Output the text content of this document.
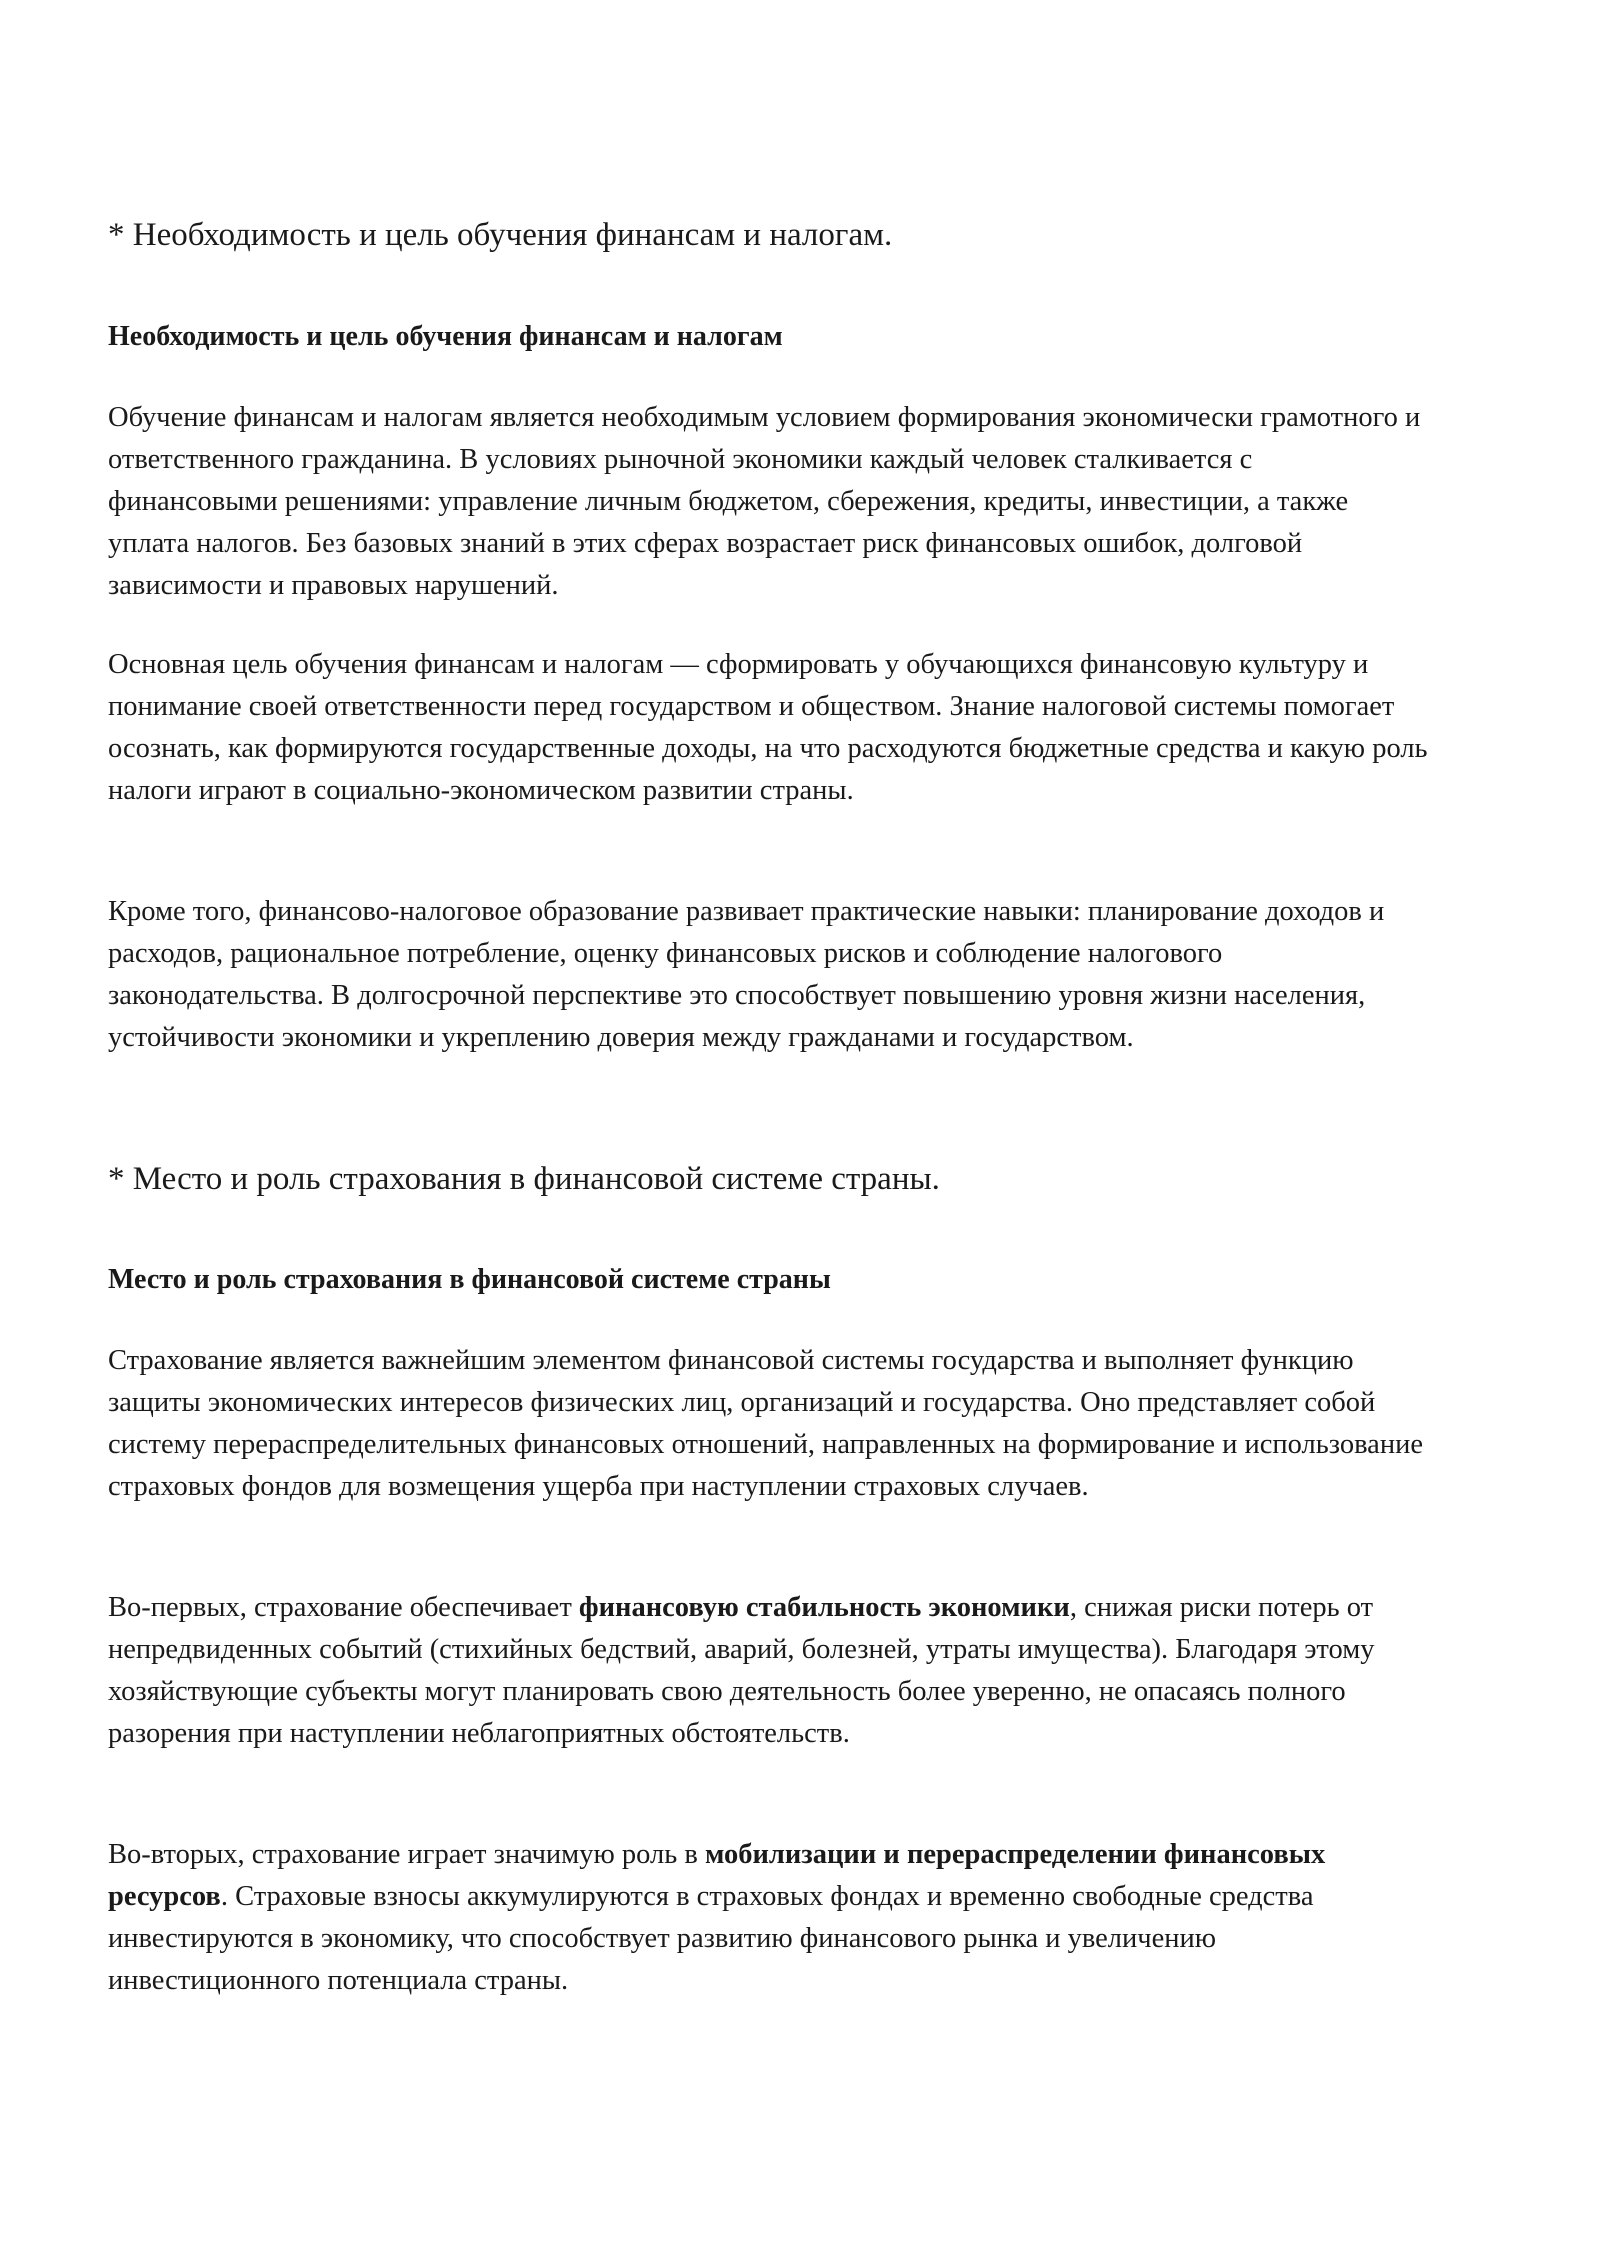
* Необходимость и цель обучения финансам и налогам.
Необходимость и цель обучения финансам и налогам

Обучение финансам и налогам является необходимым условием формирования экономически грамотного и ответственного гражданина. В условиях рыночной экономики каждый человек сталкивается с финансовыми решениями: управление личным бюджетом, сбережения, кредиты, инвестиции, а также уплата налогов. Без базовых знаний в этих сферах возрастает риск финансовых ошибок, долговой зависимости и правовых нарушений.

Основная цель обучения финансам и налогам — сформировать у обучающихся финансовую культуру и понимание своей ответственности перед государством и обществом. Знание налоговой системы помогает осознать, как формируются государственные доходы, на что расходуются бюджетные средства и какую роль налоги играют в социально-экономическом развитии страны.

Кроме того, финансово-налоговое образование развивает практические навыки: планирование доходов и расходов, рациональное потребление, оценку финансовых рисков и соблюдение налогового законодательства. В долгосрочной перспективе это способствует повышению уровня жизни населения, устойчивости экономики и укреплению доверия между гражданами и государством.

* Место и роль страхования в финансовой системе страны.
Место и роль страхования в финансовой системе страны

Страхование является важнейшим элементом финансовой системы государства и выполняет функцию защиты экономических интересов физических лиц, организаций и государства. Оно представляет собой систему перераспределительных финансовых отношений, направленных на формирование и использование страховых фондов для возмещения ущерба при наступлении страховых случаев.

Во-первых, страхование обеспечивает финансовую стабильность экономики, снижая риски потерь от непредвиденных событий (стихийных бедствий, аварий, болезней, утраты имущества). Благодаря этому хозяйствующие субъекты могут планировать свою деятельность более уверенно, не опасаясь полного разорения при наступлении неблагоприятных обстоятельств.

Во-вторых, страхование играет значимую роль в мобилизации и перераспределении финансовых ресурсов. Страховые взносы аккумулируются в страховых фондах и временно свободные средства инвестируются в экономику, что способствует развитию финансового рынка и увеличению инвестиционного потенциала страны.
